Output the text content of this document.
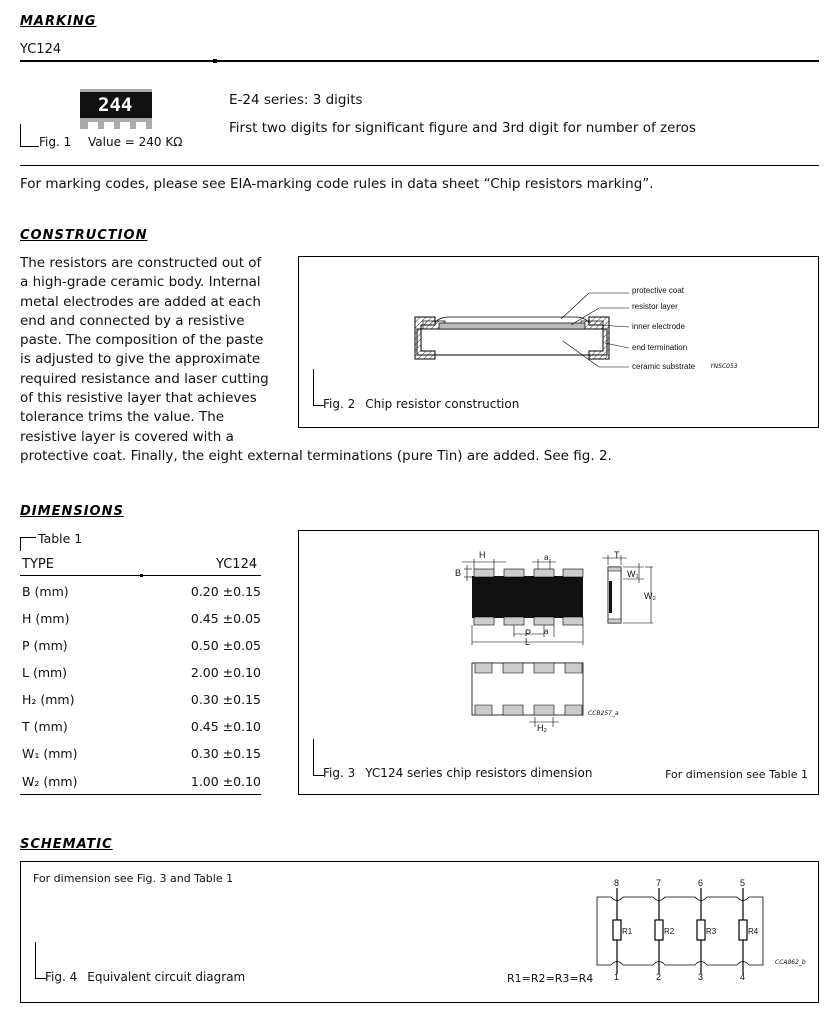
MARKING
YC124
244
Fig. 1 Value = 240 KΩ
E-24 series: 3 digits
First two digits for significant figure and 3rd digit for number of zeros
For marking codes, please see EIA-marking code rules in data sheet “Chip resistors marking”.
CONSTRUCTION
The resistors are constructed out of
a high-grade ceramic body. Internal
metal electrodes are added at each
end and connected by a resistive
paste. The composition of the paste
is adjusted to give the approximate
required resistance and laser cutting
of this resistive layer that achieves
tolerance trims the value. The
resistive layer is covered with a
protective coat. Finally, the eight external terminations (pure Tin) are added. See fig. 2.
protective coat
resistor layer
inner electrode
end termination
ceramic substrate YNSC053
Fig. 2 Chip resistor construction
DIMENSIONS
Table 1
TYPE	YC124
B (mm)	0.20 ±0.15
H (mm)	0.45 ±0.05
P (mm)	0.50 ±0.05
L (mm)	2.00 ±0.10
H₂ (mm)	0.30 ±0.15
T (mm)	0.45 ±0.10
W₁ (mm)	0.30 ±0.15
W₂ (mm)	1.00 ±0.10
H	a
B
T
W₁
W₂
P a
L
H₂
CCB257_a
Fig. 3 YC124 series chip resistors dimension	For dimension see Table 1
SCHEMATIC
For dimension see Fig. 3 and Table 1
Fig. 4 Equivalent circuit diagram	R1=R2=R3=R4
8	7	6	5
1	2	3	4
R1	R2	R3	R4
CCA862_b
